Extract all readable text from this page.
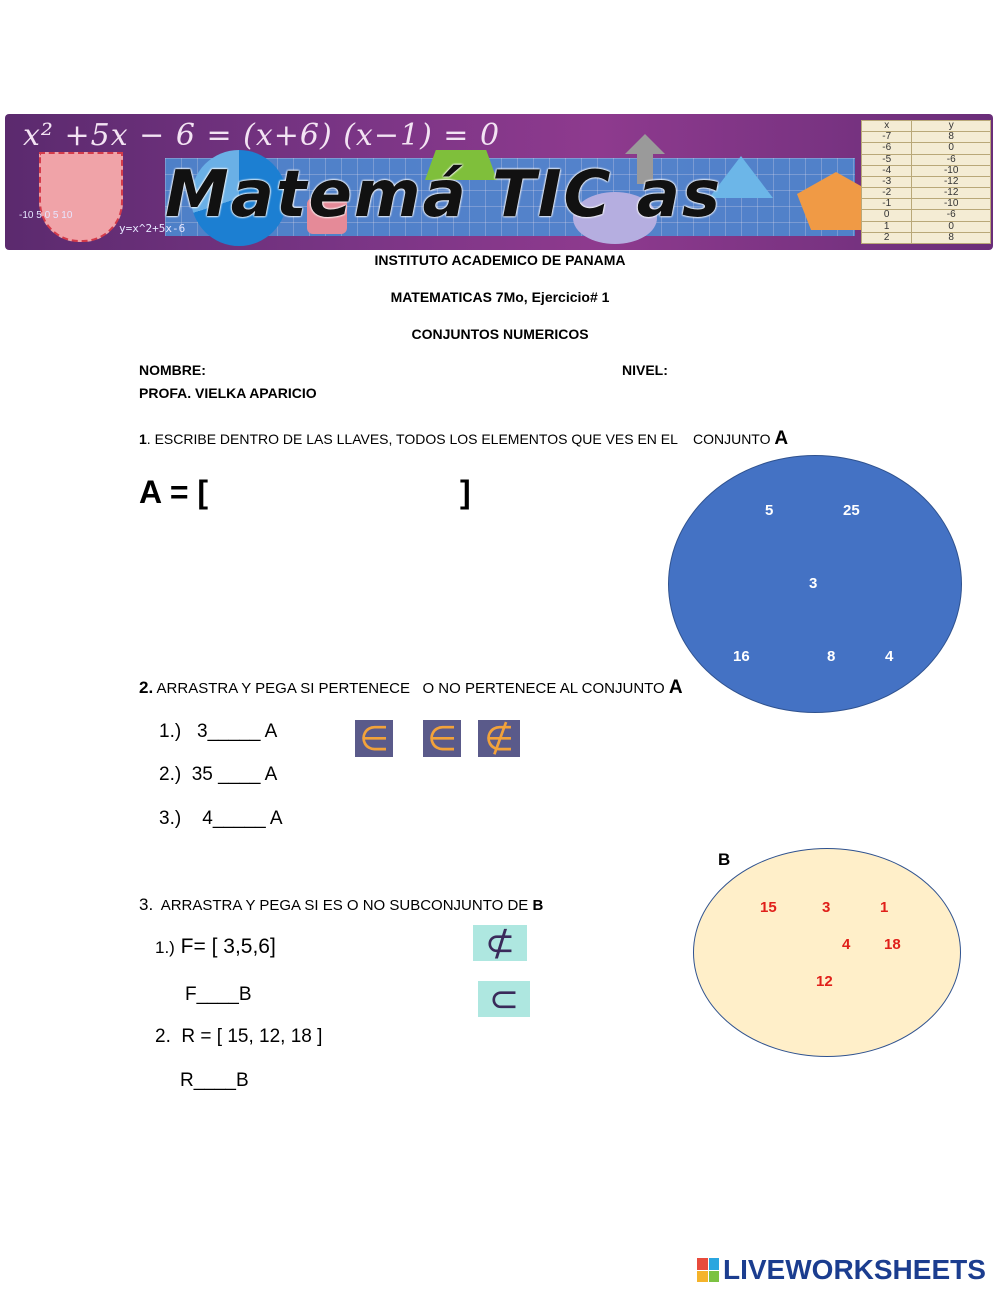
x² +5x − 6 = (x+6) (x−1) = 0
-10 5 0 5 10
y=x^2+5x-6
Matemá TIC as
x	y
-7	8
-6	0
-5	-6
-4	-10
-3	-12
-2	-12
-1	-10
0	-6
1	0
2	8
INSTITUTO ACADEMICO DE PANAMA
MATEMATICAS 7Mo, Ejercicio# 1
CONJUNTOS NUMERICOS
NOMBRE:	NIVEL:
PROFA. VIELKA APARICIO
1. ESCRIBE DENTRO DE LAS LLAVES, TODOS LOS ELEMENTOS QUE VES EN EL    CONJUNTO A
A = [	]
5	25
3
16	8	4
2. ARRASTRA Y PEGA SI PERTENECE   O NO PERTENECE AL CONJUNTO A
1.)   3_____ A
2.)  35 ____ A
3.)    4_____ A
∈ ∈ ∉
B
15	3	1
4 18
12
3.  ARRASTRA Y PEGA SI ES O NO SUBCONJUNTO DE B
1.) F= [ 3,5,6]
F____B
2.  R = [ 15, 12, 18 ]
R____B
⊄
⊂
LIVEWORKSHEETS
